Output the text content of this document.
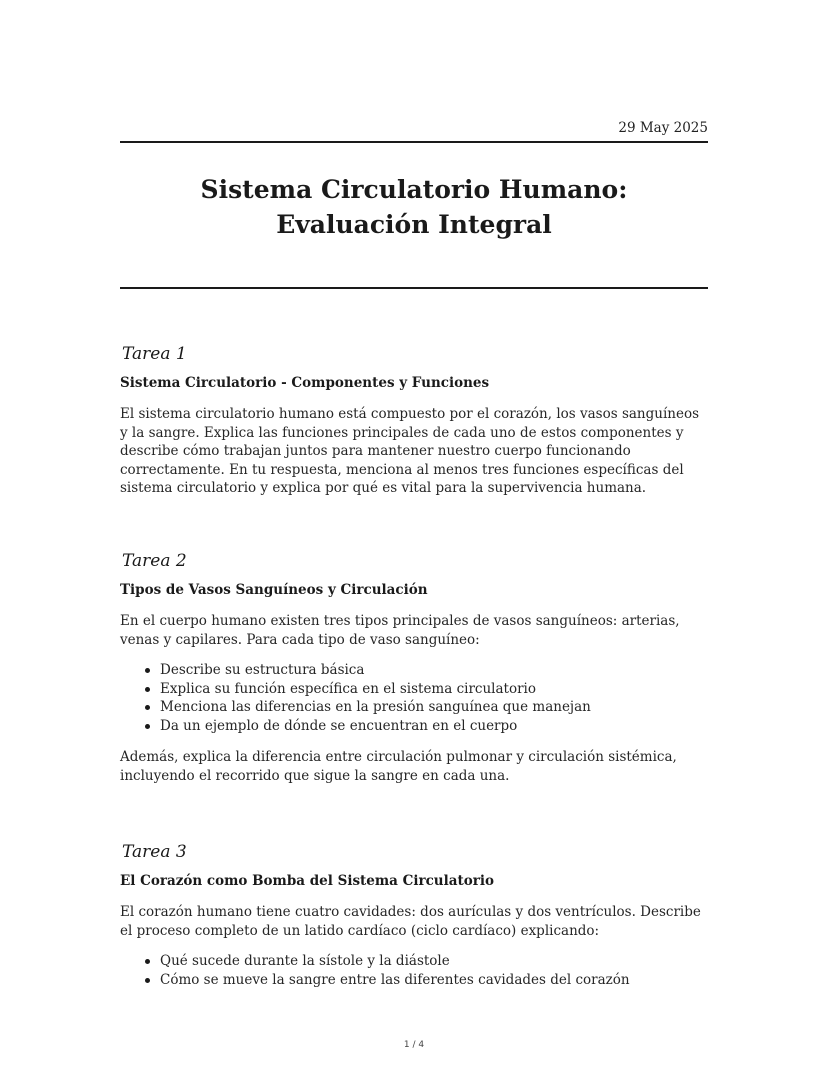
29 May 2025
Sistema Circulatorio Humano: Evaluación Integral
Tarea 1
Sistema Circulatorio - Componentes y Funciones

El sistema circulatorio humano está compuesto por el corazón, los vasos sanguíneos y la sangre. Explica las funciones principales de cada uno de estos componentes y describe cómo trabajan juntos para mantener nuestro cuerpo funcionando correctamente. En tu respuesta, menciona al menos tres funciones específicas del sistema circulatorio y explica por qué es vital para la supervivencia humana.

Tarea 2
Tipos de Vasos Sanguíneos y Circulación

En el cuerpo humano existen tres tipos principales de vasos sanguíneos: arterias, venas y capilares. Para cada tipo de vaso sanguíneo:

Describe su estructura básica
Explica su función específica en el sistema circulatorio
Menciona las diferencias en la presión sanguínea que manejan
Da un ejemplo de dónde se encuentran en el cuerpo

Además, explica la diferencia entre circulación pulmonar y circulación sistémica, incluyendo el recorrido que sigue la sangre en cada una.

Tarea 3
El Corazón como Bomba del Sistema Circulatorio

El corazón humano tiene cuatro cavidades: dos aurículas y dos ventrículos. Describe el proceso completo de un latido cardíaco (ciclo cardíaco) explicando:

Qué sucede durante la sístole y la diástole
Cómo se mueve la sangre entre las diferentes cavidades del corazón
1 / 4
